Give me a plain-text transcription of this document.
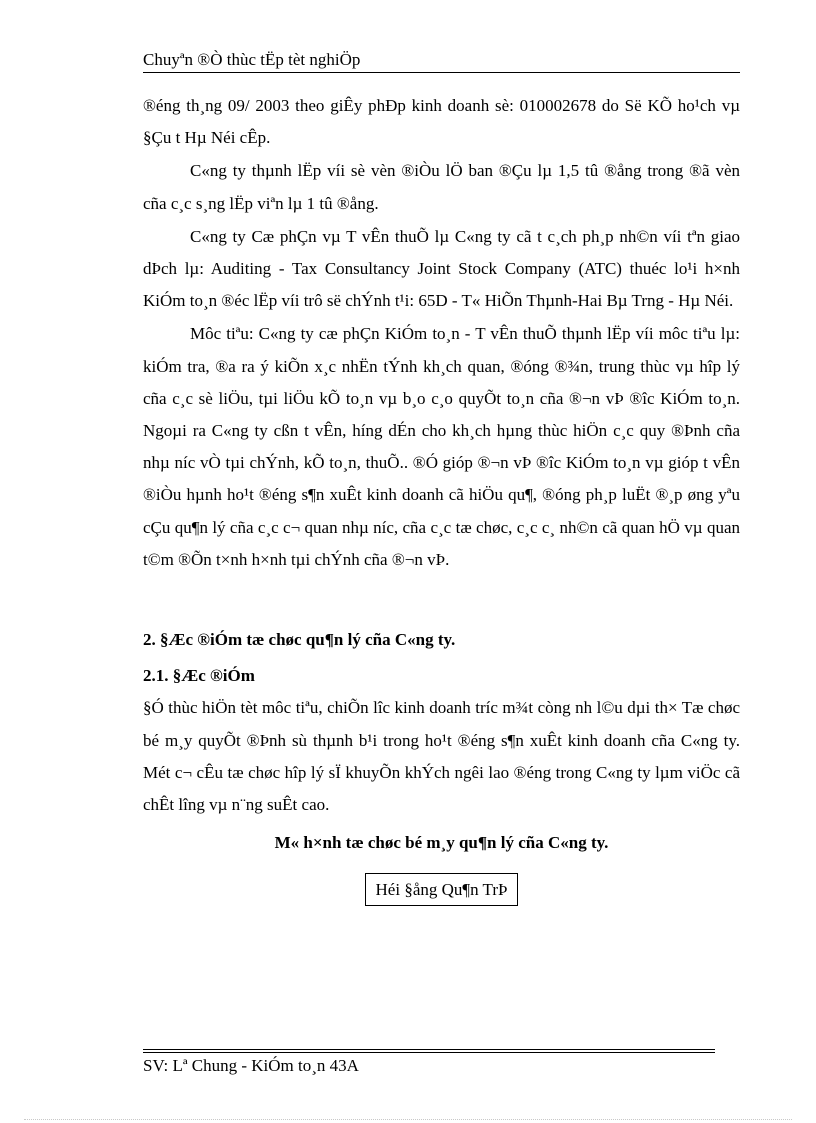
Chuyªn ®Ò thùc tËp tèt nghiÖp

®éng th¸ng 09/ 2003 theo giÊy phÐp kinh doanh sè: 010002678 do Së KÕ ho¹ch vµ §Çu t Hµ Néi cÊp.

C«ng ty thµnh lËp víi sè vèn ®iÒu lÖ ban ®Çu lµ 1,5 tû ®ång trong ®ã vèn cña c¸c s¸ng lËp viªn lµ 1 tû ®ång.

C«ng ty Cæ phÇn vµ T vÊn thuÕ lµ C«ng ty cã t c¸ch ph¸p nh©n víi tªn giao dÞch lµ: Auditing - Tax Consultancy Joint Stock Company (ATC) thuéc lo¹i h×nh KiÓm to¸n ®éc lËp víi trô së chÝnh t¹i: 65D - T« HiÕn Thµnh-Hai Bµ Trng - Hµ Néi.

Môc tiªu: C«ng ty cæ phÇn KiÓm to¸n - T vÊn thuÕ thµnh lËp víi môc tiªu lµ: kiÓm tra, ®a ra ý kiÕn x¸c nhËn tÝnh kh¸ch quan, ®óng ®¾n, trung thùc vµ hîp lý cña c¸c sè liÖu, tµi liÖu kÕ to¸n vµ b¸o c¸o quyÕt to¸n cña ®¬n vÞ ®îc KiÓm to¸n. Ngoµi ra C«ng ty cßn t vÊn, híng dÉn cho kh¸ch hµng thùc hiÖn c¸c quy ®Þnh cña nhµ níc vÒ tµi chÝnh, kÕ to¸n, thuÕ.. ®Ó gióp ®¬n vÞ ®îc KiÓm to¸n vµ gióp t vÊn ®iÒu hµnh ho¹t ®éng s¶n xuÊt kinh doanh cã hiÖu qu¶, ®óng ph¸p luËt ®¸p øng yªu cÇu qu¶n lý cña c¸c c¬ quan nhµ níc, cña c¸c tæ chøc, c¸c c¸ nh©n cã quan hÖ vµ quan t©m ®Õn t×nh h×nh tµi chÝnh cña ®¬n vÞ.

2. §Æc ®iÓm tæ chøc qu¶n lý cña C«ng ty.

2.1. §Æc ®iÓm

§Ó thùc hiÖn tèt môc tiªu, chiÕn lîc kinh doanh tríc m¾t còng nh l©u dµi th× Tæ chøc bé m¸y quyÕt ®Þnh sù thµnh b¹i trong ho¹t ®éng s¶n xuÊt kinh doanh cña C«ng ty. Mét c¬ cÊu tæ chøc hîp lý sÏ khuyÕn khÝch ngêi lao ®éng trong C«ng ty lµm viÖc cã chÊt lîng vµ n¨ng suÊt cao.

M« h×nh tæ chøc bé m¸y qu¶n lý cña C«ng ty.

Héi §ång Qu¶n TrÞ
SV: Lª Chung - KiÓm to¸n 43A
